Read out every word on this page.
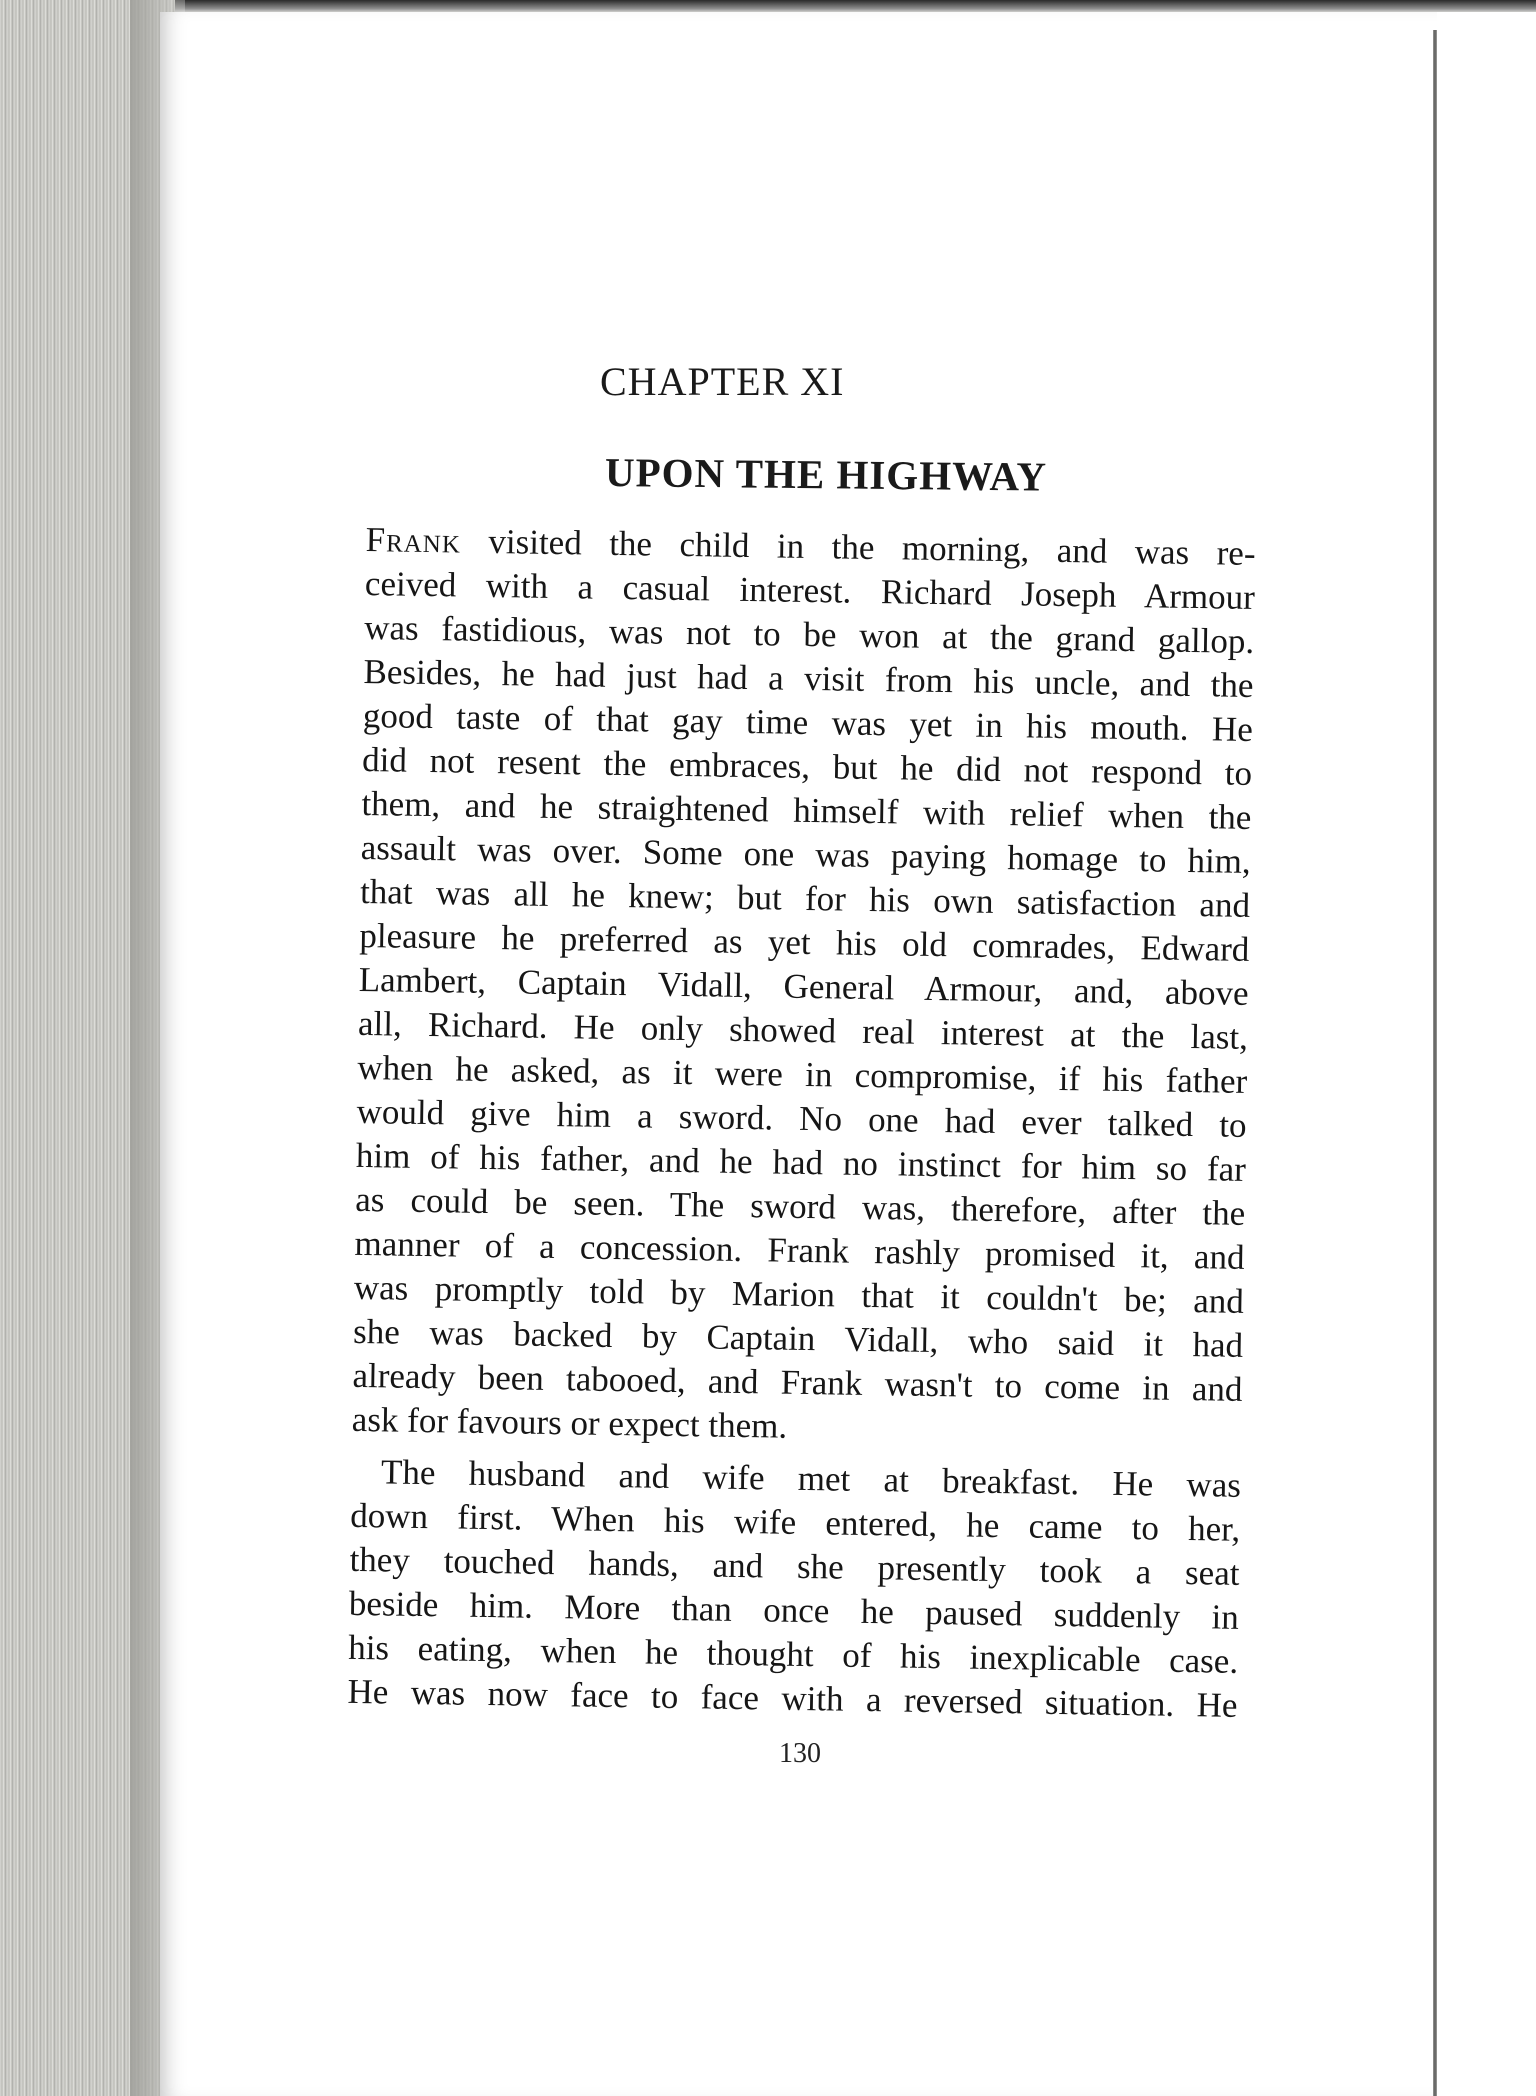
CHAPTER XI
UPON THE HIGHWAY
Frank visited the child in the morning, and was re-
ceived with a casual interest. Richard Joseph Armour
was fastidious, was not to be won at the grand gallop.
Besides, he had just had a visit from his uncle, and the
good taste of that gay time was yet in his mouth. He
did not resent the embraces, but he did not respond to
them, and he straightened himself with relief when the
assault was over. Some one was paying homage to him,
that was all he knew; but for his own satisfaction and
pleasure he preferred as yet his old comrades, Edward
Lambert, Captain Vidall, General Armour, and, above
all, Richard. He only showed real interest at the last,
when he asked, as it were in compromise, if his father
would give him a sword. No one had ever talked to
him of his father, and he had no instinct for him so far
as could be seen. The sword was, therefore, after the
manner of a concession. Frank rashly promised it, and
was promptly told by Marion that it couldn't be; and
she was backed by Captain Vidall, who said it had
already been tabooed, and Frank wasn't to come in and
ask for favours or expect them.
The husband and wife met at breakfast. He was
down first. When his wife entered, he came to her,
they touched hands, and she presently took a seat
beside him. More than once he paused suddenly in
his eating, when he thought of his inexplicable case.
He was now face to face with a reversed situation. He
130
